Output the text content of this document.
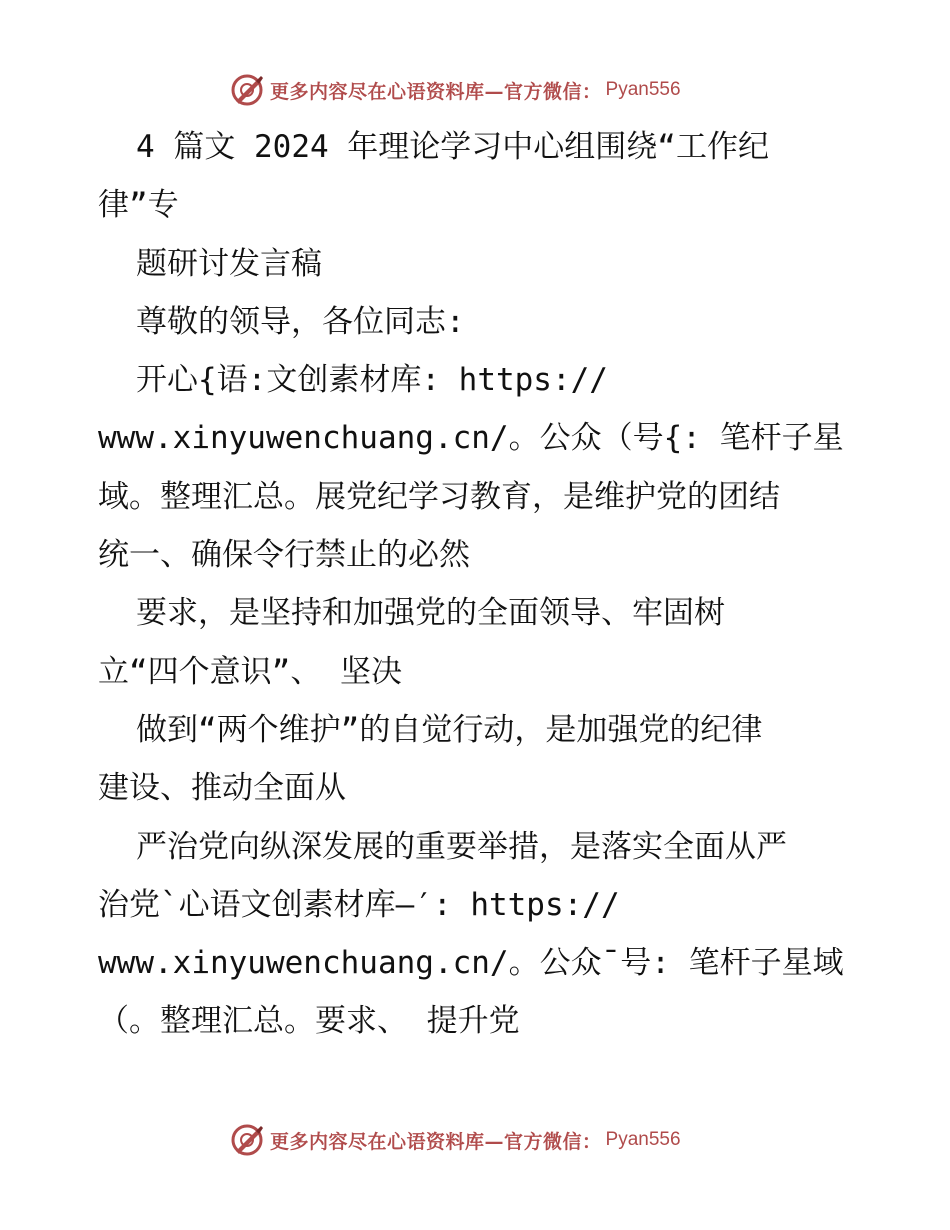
更多内容尽在心语资料库—官方微信： Pyan556
4 篇文 2024 年理论学习中心组围绕“工作纪
律”专
题研讨发言稿
尊敬的领导，各位同志:
开心{语:文创素材库: https://
www.xinyuwenchuang.cn/。公众（号{: 笔杆子星
域。整理汇总。展党纪学习教育，是维护党的团结
统一、确保令行禁止的必然
要求，是坚持和加强党的全面领导、牢固树
立“四个意识”、 坚决
做到“两个维护”的自觉行动，是加强党的纪律
建设、推动全面从
严治党向纵深发展的重要举措，是落实全面从严
治党`心语文创素材库—′: https://
www.xinyuwenchuang.cn/。公众¯号: 笔杆子星域
（。整理汇总。要求、 提升党
更多内容尽在心语资料库—官方微信： Pyan556
